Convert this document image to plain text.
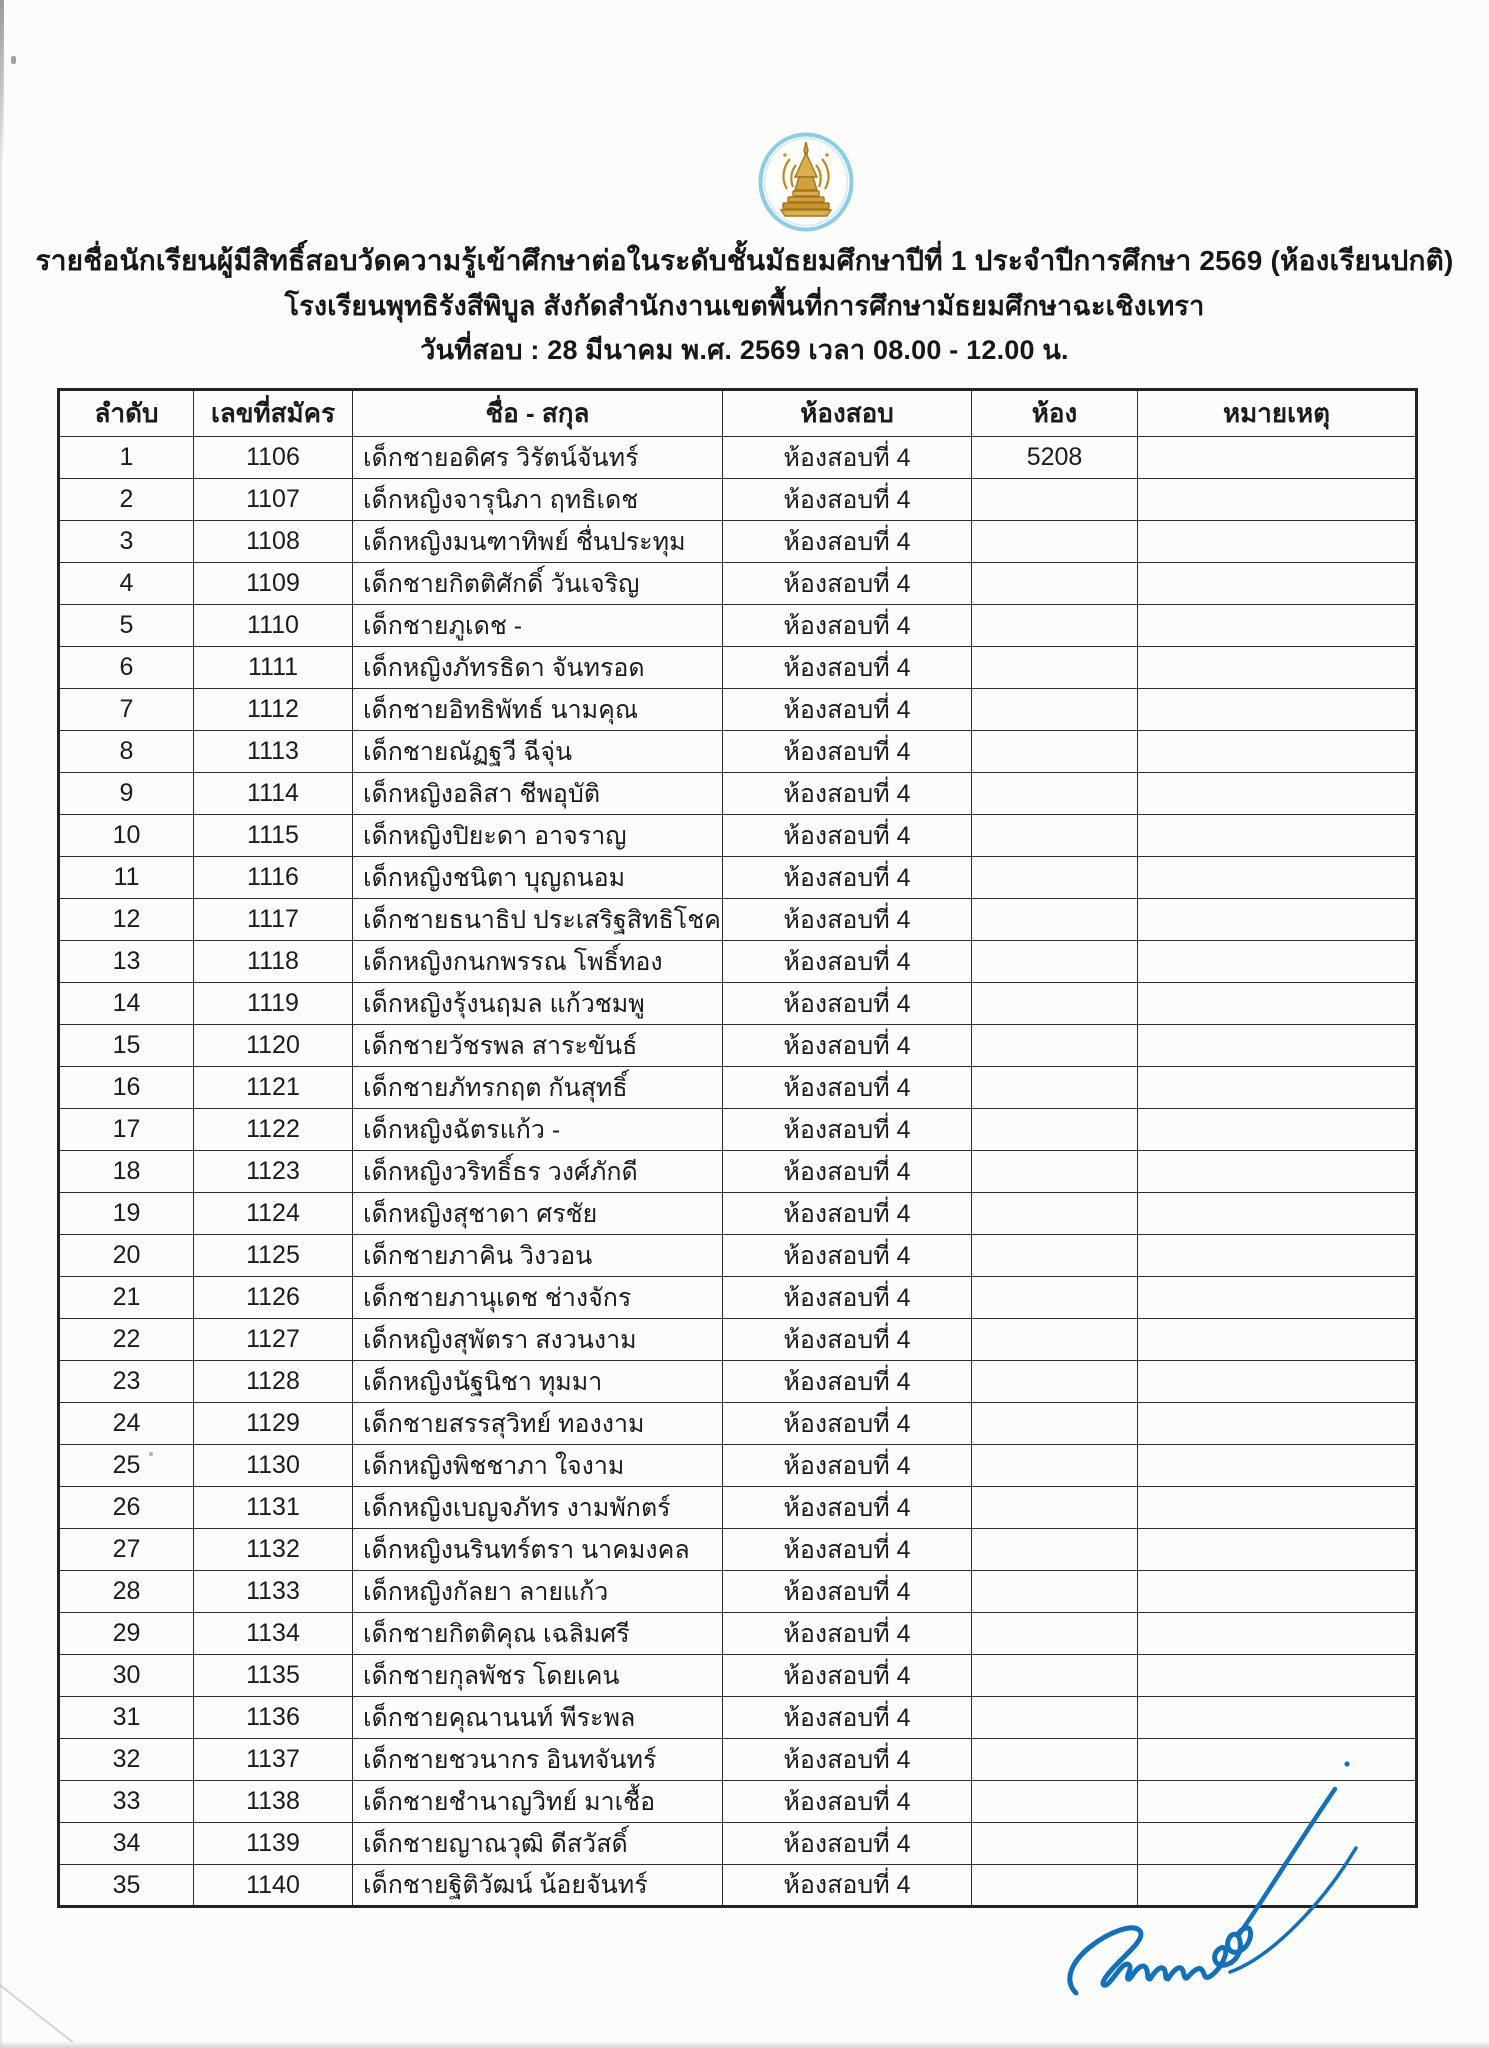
รายชื่อนักเรียนผู้มีสิทธิ์สอบวัดความรู้เข้าศึกษาต่อในระดับชั้นมัธยมศึกษาปีที่ 1 ประจำปีการศึกษา 2569 (ห้องเรียนปกติ)
โรงเรียนพุทธิรังสีพิบูล สังกัดสำนักงานเขตพื้นที่การศึกษามัธยมศึกษาฉะเชิงเทรา
วันที่สอบ : 28 มีนาคม พ.ศ. 2569 เวลา 08.00 - 12.00 น.
ลำดับ	เลขที่สมัคร	ชื่อ - สกุล	ห้องสอบ	ห้อง	หมายเหตุ
1	1106	เด็กชายอดิศร วิรัตน์จันทร์	ห้องสอบที่ 4	5208	
2	1107	เด็กหญิงจารุนิภา ฤทธิเดช	ห้องสอบที่ 4		
3	1108	เด็กหญิงมนฑาทิพย์ ชื่นประทุม	ห้องสอบที่ 4		
4	1109	เด็กชายกิตติศักดิ์ วันเจริญ	ห้องสอบที่ 4		
5	1110	เด็กชายภูเดช -	ห้องสอบที่ 4		
6	1111	เด็กหญิงภัทรธิดา จันทรอด	ห้องสอบที่ 4		
7	1112	เด็กชายอิทธิพัทธ์ นามคุณ	ห้องสอบที่ 4		
8	1113	เด็กชายณัฏฐวี ฉีจุ่น	ห้องสอบที่ 4		
9	1114	เด็กหญิงอลิสา ชีพอุบัติ	ห้องสอบที่ 4		
10	1115	เด็กหญิงปิยะดา อาจราญ	ห้องสอบที่ 4		
11	1116	เด็กหญิงชนิตา บุญถนอม	ห้องสอบที่ 4		
12	1117	เด็กชายธนาธิป ประเสริฐสิทธิโชค	ห้องสอบที่ 4		
13	1118	เด็กหญิงกนกพรรณ โพธิ์ทอง	ห้องสอบที่ 4		
14	1119	เด็กหญิงรุ้งนฤมล แก้วชมพู	ห้องสอบที่ 4		
15	1120	เด็กชายวัชรพล สาระขันธ์	ห้องสอบที่ 4		
16	1121	เด็กชายภัทรกฤต กันสุทธิ์	ห้องสอบที่ 4		
17	1122	เด็กหญิงฉัตรแก้ว -	ห้องสอบที่ 4		
18	1123	เด็กหญิงวริทธิ์ธร วงศ์ภักดี	ห้องสอบที่ 4		
19	1124	เด็กหญิงสุชาดา ศรชัย	ห้องสอบที่ 4		
20	1125	เด็กชายภาคิน วิงวอน	ห้องสอบที่ 4		
21	1126	เด็กชายภานุเดช ช่างจักร	ห้องสอบที่ 4		
22	1127	เด็กหญิงสุพัตรา สงวนงาม	ห้องสอบที่ 4		
23	1128	เด็กหญิงนัฐนิชา ทุมมา	ห้องสอบที่ 4		
24	1129	เด็กชายสรรสุวิทย์ ทองงาม	ห้องสอบที่ 4		
25	1130	เด็กหญิงพิชชาภา ใจงาม	ห้องสอบที่ 4		
26	1131	เด็กหญิงเบญจภัทร งามพักตร์	ห้องสอบที่ 4		
27	1132	เด็กหญิงนรินทร์ตรา นาคมงคล	ห้องสอบที่ 4		
28	1133	เด็กหญิงกัลยา ลายแก้ว	ห้องสอบที่ 4		
29	1134	เด็กชายกิตติคุณ เฉลิมศรี	ห้องสอบที่ 4		
30	1135	เด็กชายกุลพัชร โดยเคน	ห้องสอบที่ 4		
31	1136	เด็กชายคุณานนท์ พีระพล	ห้องสอบที่ 4		
32	1137	เด็กชายชวนากร อินทจันทร์	ห้องสอบที่ 4		
33	1138	เด็กชายชำนาญวิทย์ มาเชื้อ	ห้องสอบที่ 4		
34	1139	เด็กชายญาณวุฒิ ดีสวัสดิ์	ห้องสอบที่ 4		
35	1140	เด็กชายฐิติวัฒน์ น้อยจันทร์	ห้องสอบที่ 4		
